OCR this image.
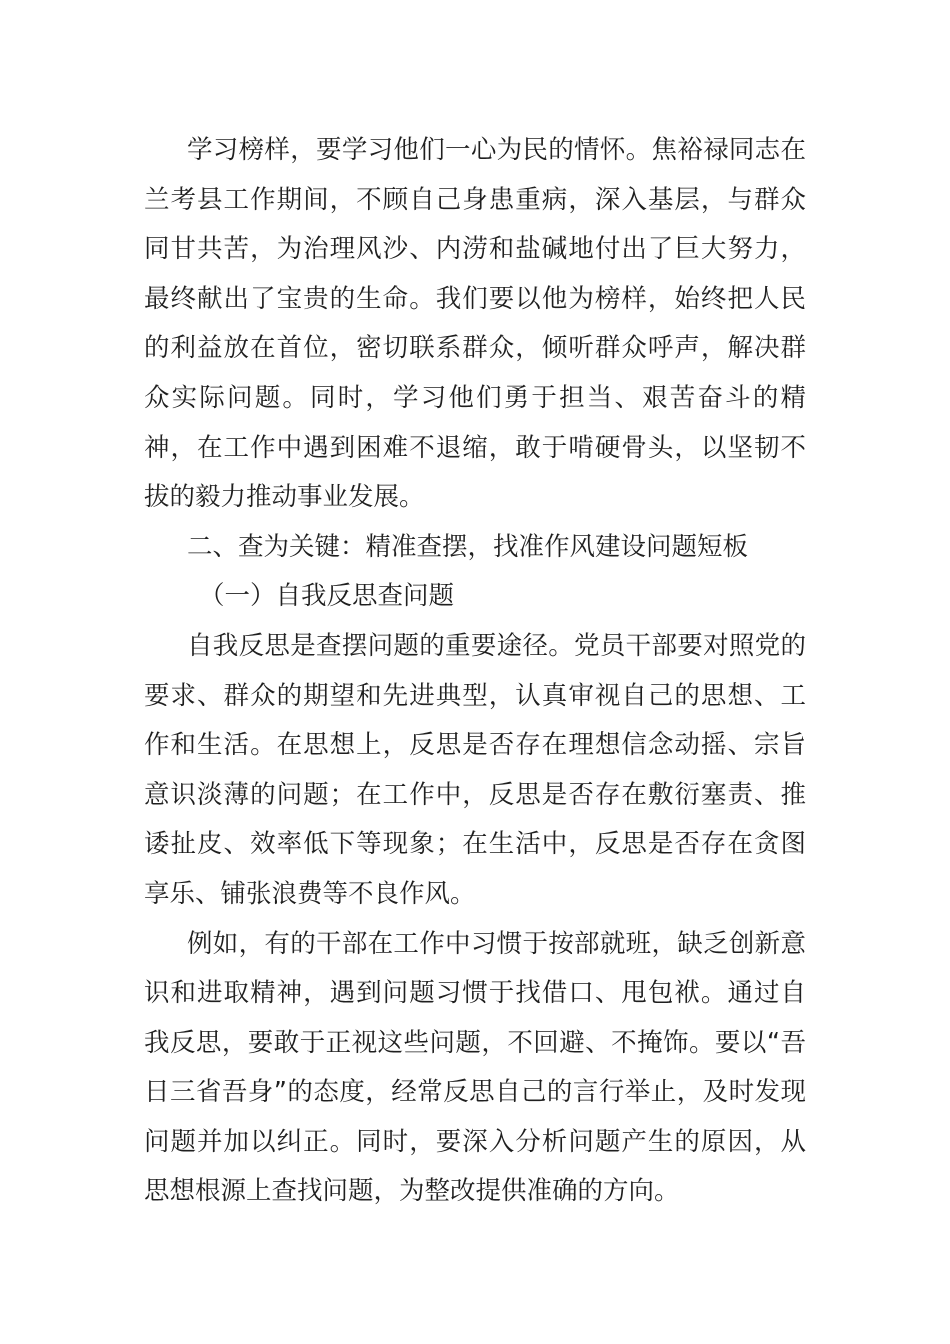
学习榜样，要学习他们一心为民的情怀。焦裕禄同志在兰考县工作期间，不顾自己身患重病，深入基层，与群众同甘共苦，为治理风沙、内涝和盐碱地付出了巨大努力，最终献出了宝贵的生命。我们要以他为榜样，始终把人民的利益放在首位，密切联系群众，倾听群众呼声，解决群众实际问题。同时，学习他们勇于担当、艰苦奋斗的精神，在工作中遇到困难不退缩，敢于啃硬骨头，以坚韧不拔的毅力推动事业发展。

二、查为关键：精准查摆，找准作风建设问题短板

（一）自我反思查问题

自我反思是查摆问题的重要途径。党员干部要对照党的要求、群众的期望和先进典型，认真审视自己的思想、工作和生活。在思想上，反思是否存在理想信念动摇、宗旨意识淡薄的问题；在工作中，反思是否存在敷衍塞责、推诿扯皮、效率低下等现象；在生活中，反思是否存在贪图享乐、铺张浪费等不良作风。

例如，有的干部在工作中习惯于按部就班，缺乏创新意识和进取精神，遇到问题习惯于找借口、甩包袱。通过自我反思，要敢于正视这些问题，不回避、不掩饰。要以“吾日三省吾身”的态度，经常反思自己的言行举止，及时发现问题并加以纠正。同时，要深入分析问题产生的原因，从思想根源上查找问题，为整改提供准确的方向。
